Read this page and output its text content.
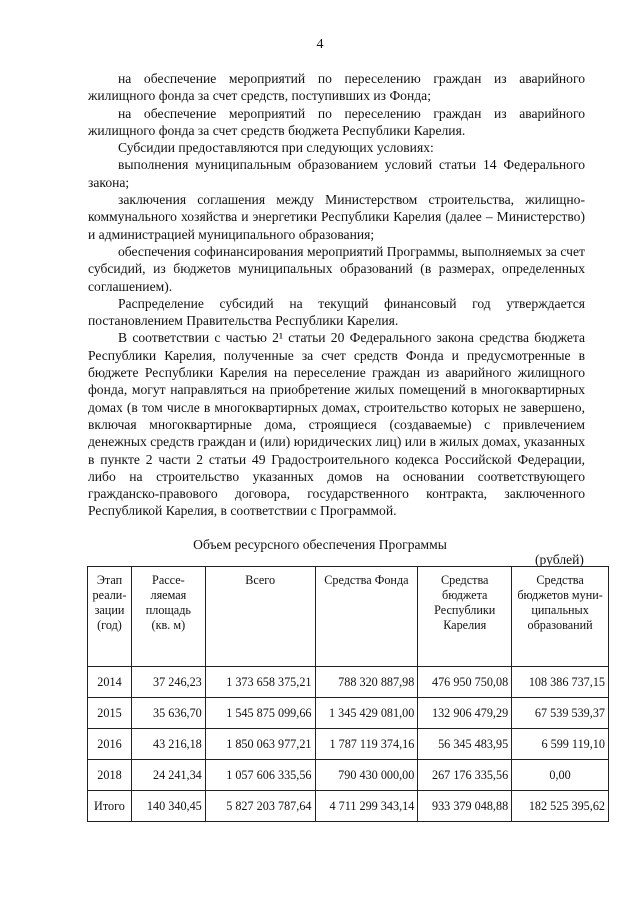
4

на обеспечение мероприятий по переселению граждан из аварийного жилищного фонда за счет средств, поступивших из Фонда;

на обеспечение мероприятий по переселению граждан из аварийного жилищного фонда за счет средств бюджета Республики Карелия.

Субсидии предоставляются при следующих условиях:

выполнения муниципальным образованием условий статьи 14 Федерального закона;

заключения соглашения между Министерством строительства, жилищно-коммунального хозяйства и энергетики Республики Карелия (далее – Министерство) и администрацией муниципального образования;

обеспечения софинансирования мероприятий Программы, выполняемых за счет субсидий, из бюджетов муниципальных образований (в размерах, определенных соглашением).

Распределение субсидий на текущий финансовый год утверждается постановлением Правительства Республики Карелия.

В соответствии с частью 2¹ статьи 20 Федерального закона средства бюджета Республики Карелия, полученные за счет средств Фонда и предусмотренные в бюджете Республики Карелия на переселение граждан из аварийного жилищного фонда, могут направляться на приобретение жилых помещений в многоквартирных домах (в том числе в многоквартирных домах, строительство которых не завершено, включая многоквартирные дома, строящиеся (создаваемые) с привлечением денежных средств граждан и (или) юридических лиц) или в жилых домах, указанных в пункте 2 части 2 статьи 49 Градостроительного кодекса Российской Федерации, либо на строительство указанных домов на основании соответствующего гражданско-правового договора, государственного контракта, заключенного Республикой Карелия, в соответствии с Программой.

Объем ресурсного обеспечения Программы
(рублей)
Этап реали-зации (год)	Рассе-ляемая площадь (кв. м)	Всего	Средства Фонда	Средства бюджета Республики Карелия	Средства бюджетов муни-ципальных образований
2014	37 246,23	1 373 658 375,21	788 320 887,98	476 950 750,08	108 386 737,15
2015	35 636,70	1 545 875 099,66	1 345 429 081,00	132 906 479,29	67 539 539,37
2016	43 216,18	1 850 063 977,21	1 787 119 374,16	56 345 483,95	6 599 119,10
2018	24 241,34	1 057 606 335,56	790 430 000,00	267 176 335,56	0,00
Итого	140 340,45	5 827 203 787,64	4 711 299 343,14	933 379 048,88	182 525 395,62
